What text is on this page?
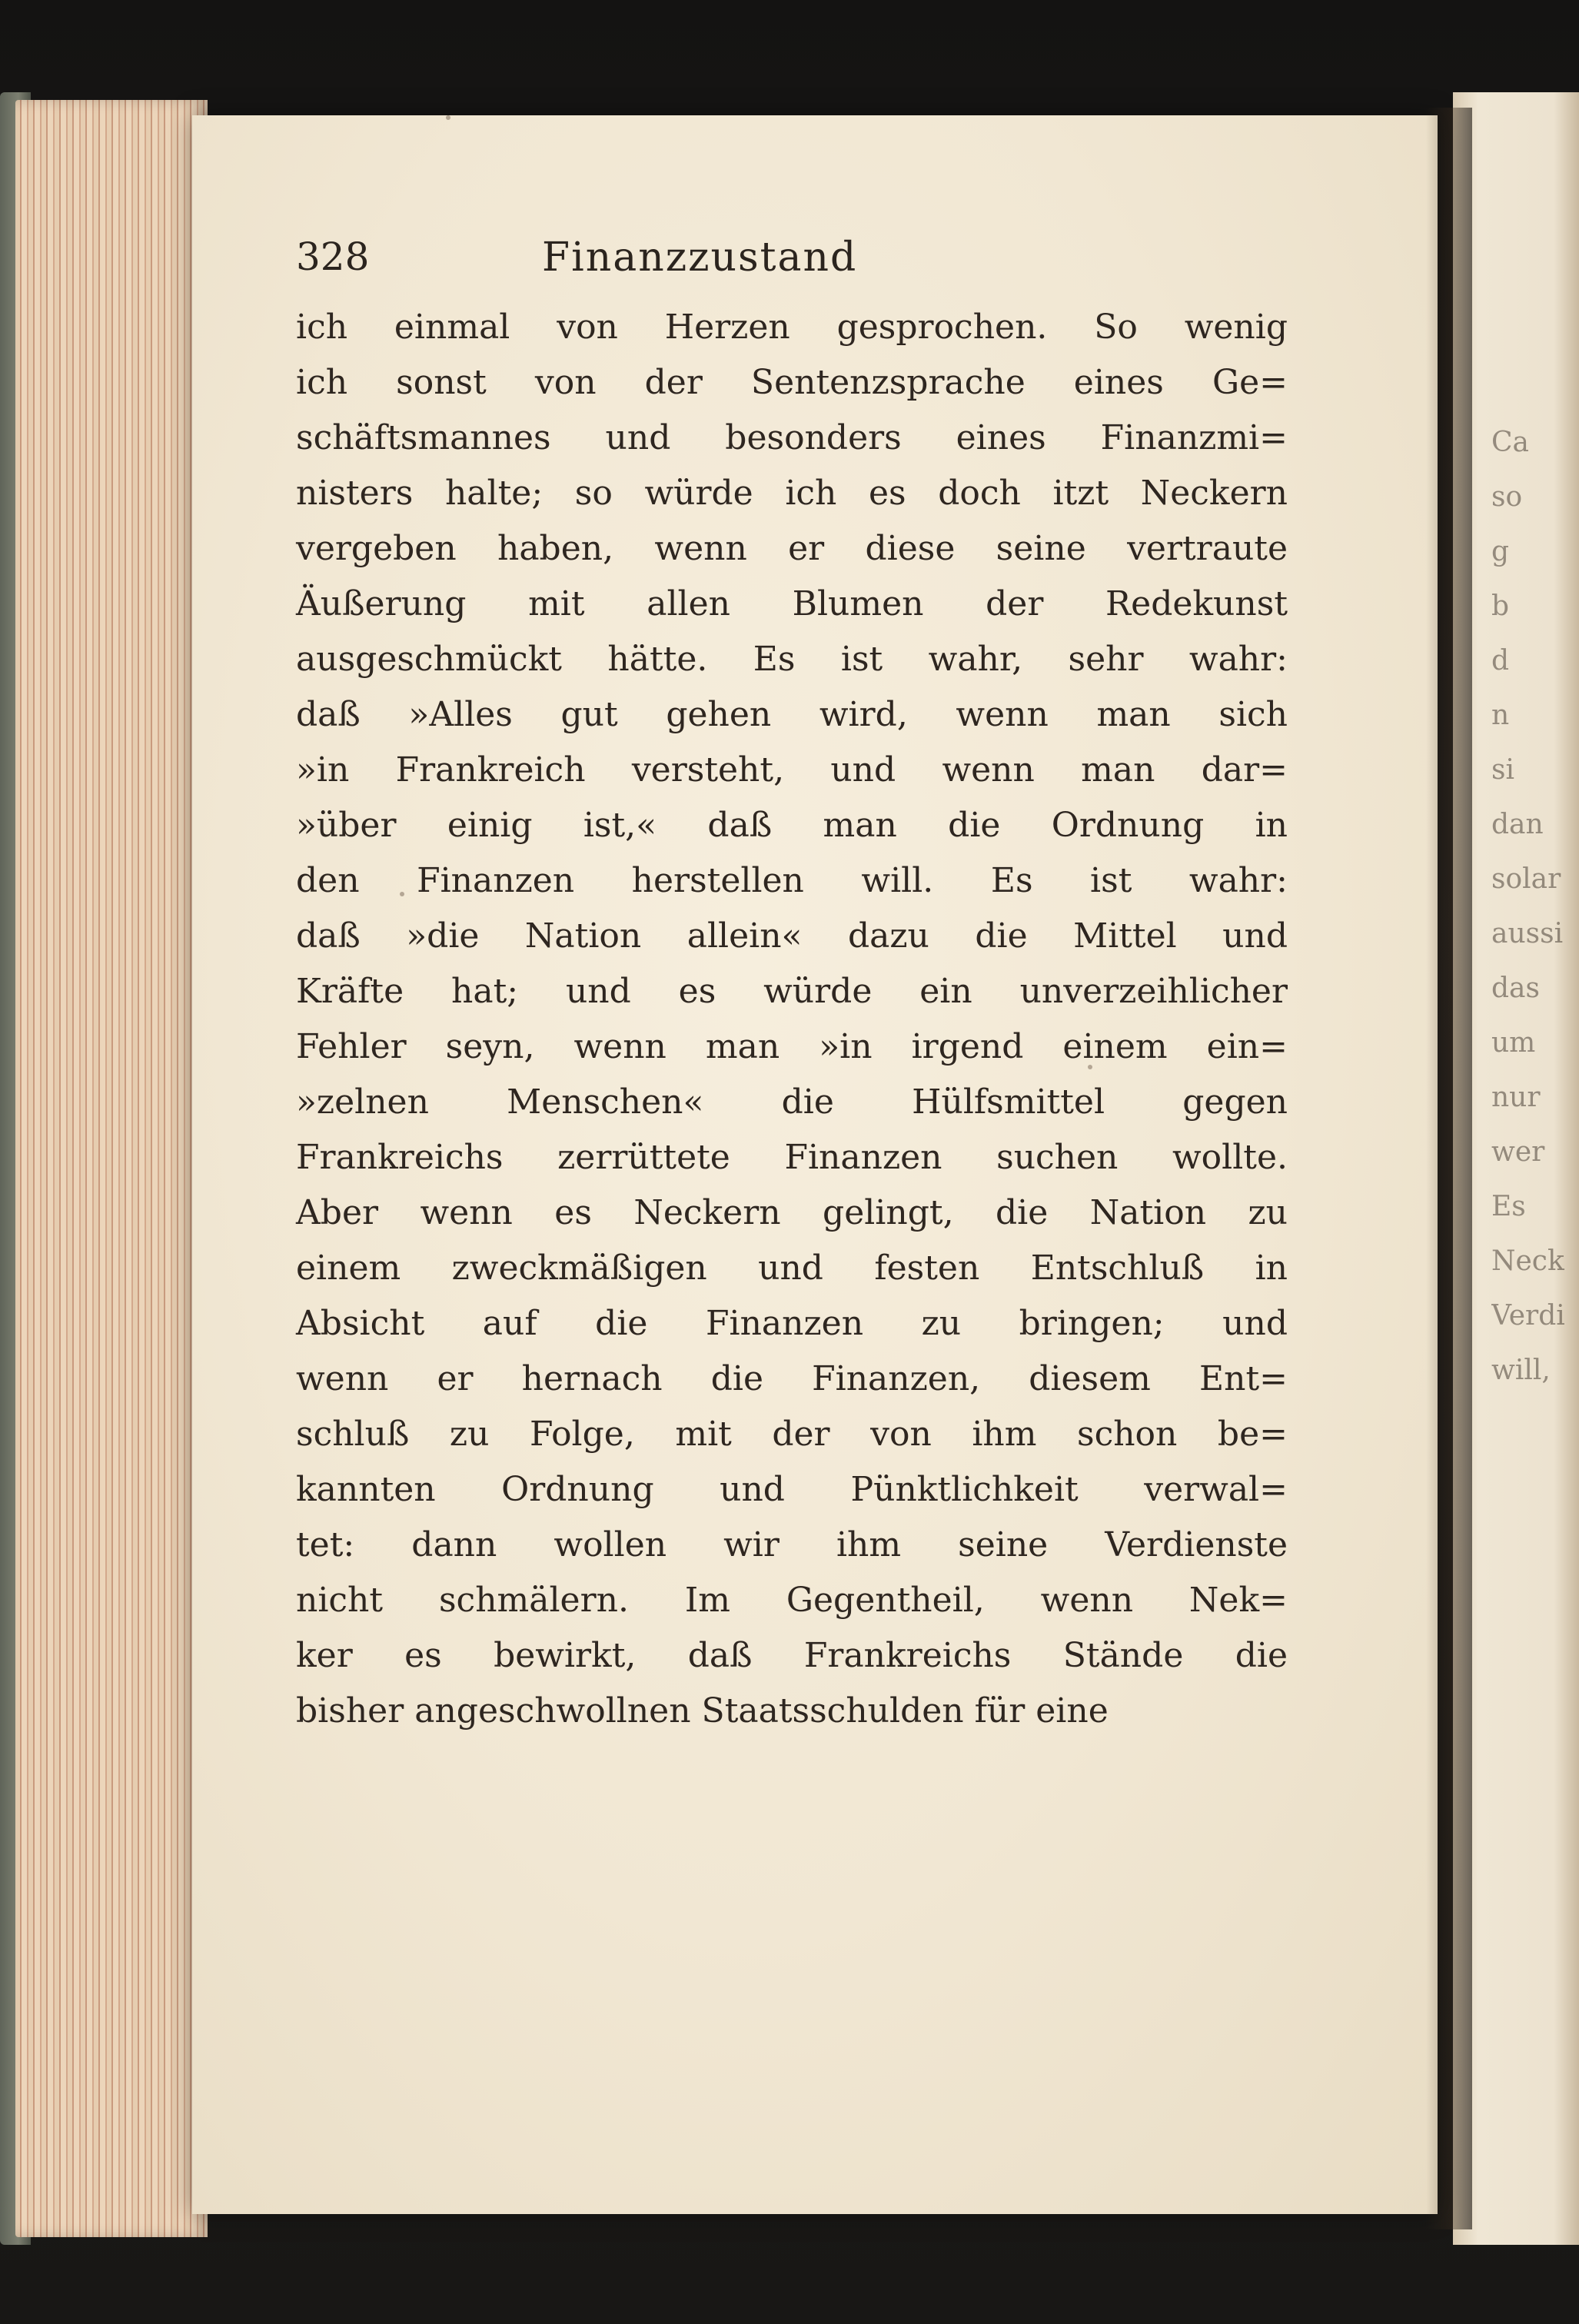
Ca
so
g
b
d
n
si
dan
solar
aussi
das
um
nur
wer
Es
Neck
Verdi
will,
328	Finanzzustand
ich einmal von Herzen gesprochen. So wenig
ich sonst von der Sentenzsprache eines Ge=
schäftsmannes und besonders eines Finanzmi=
nisters halte; so würde ich es doch itzt Neckern
vergeben haben, wenn er diese seine vertraute
Äußerung mit allen Blumen der Redekunst
ausgeschmückt hätte. Es ist wahr, sehr wahr:
daß »Alles gut gehen wird, wenn man sich
»in Frankreich versteht, und wenn man dar=
»über einig ist,« daß man die Ordnung in
den Finanzen herstellen will. Es ist wahr:
daß »die Nation allein« dazu die Mittel und
Kräfte hat; und es würde ein unverzeihlicher
Fehler seyn, wenn man »in irgend einem ein=
»zelnen Menschen« die Hülfsmittel gegen
Frankreichs zerrüttete Finanzen suchen wollte.
Aber wenn es Neckern gelingt, die Nation zu
einem zweckmäßigen und festen Entschluß in
Absicht auf die Finanzen zu bringen; und
wenn er hernach die Finanzen, diesem Ent=
schluß zu Folge, mit der von ihm schon be=
kannten Ordnung und Pünktlichkeit verwal=
tet: dann wollen wir ihm seine Verdienste
nicht schmälern. Im Gegentheil, wenn Nek=
ker es bewirkt, daß Frankreichs Stände die
bisher angeschwollnen Staatsschulden für eine
